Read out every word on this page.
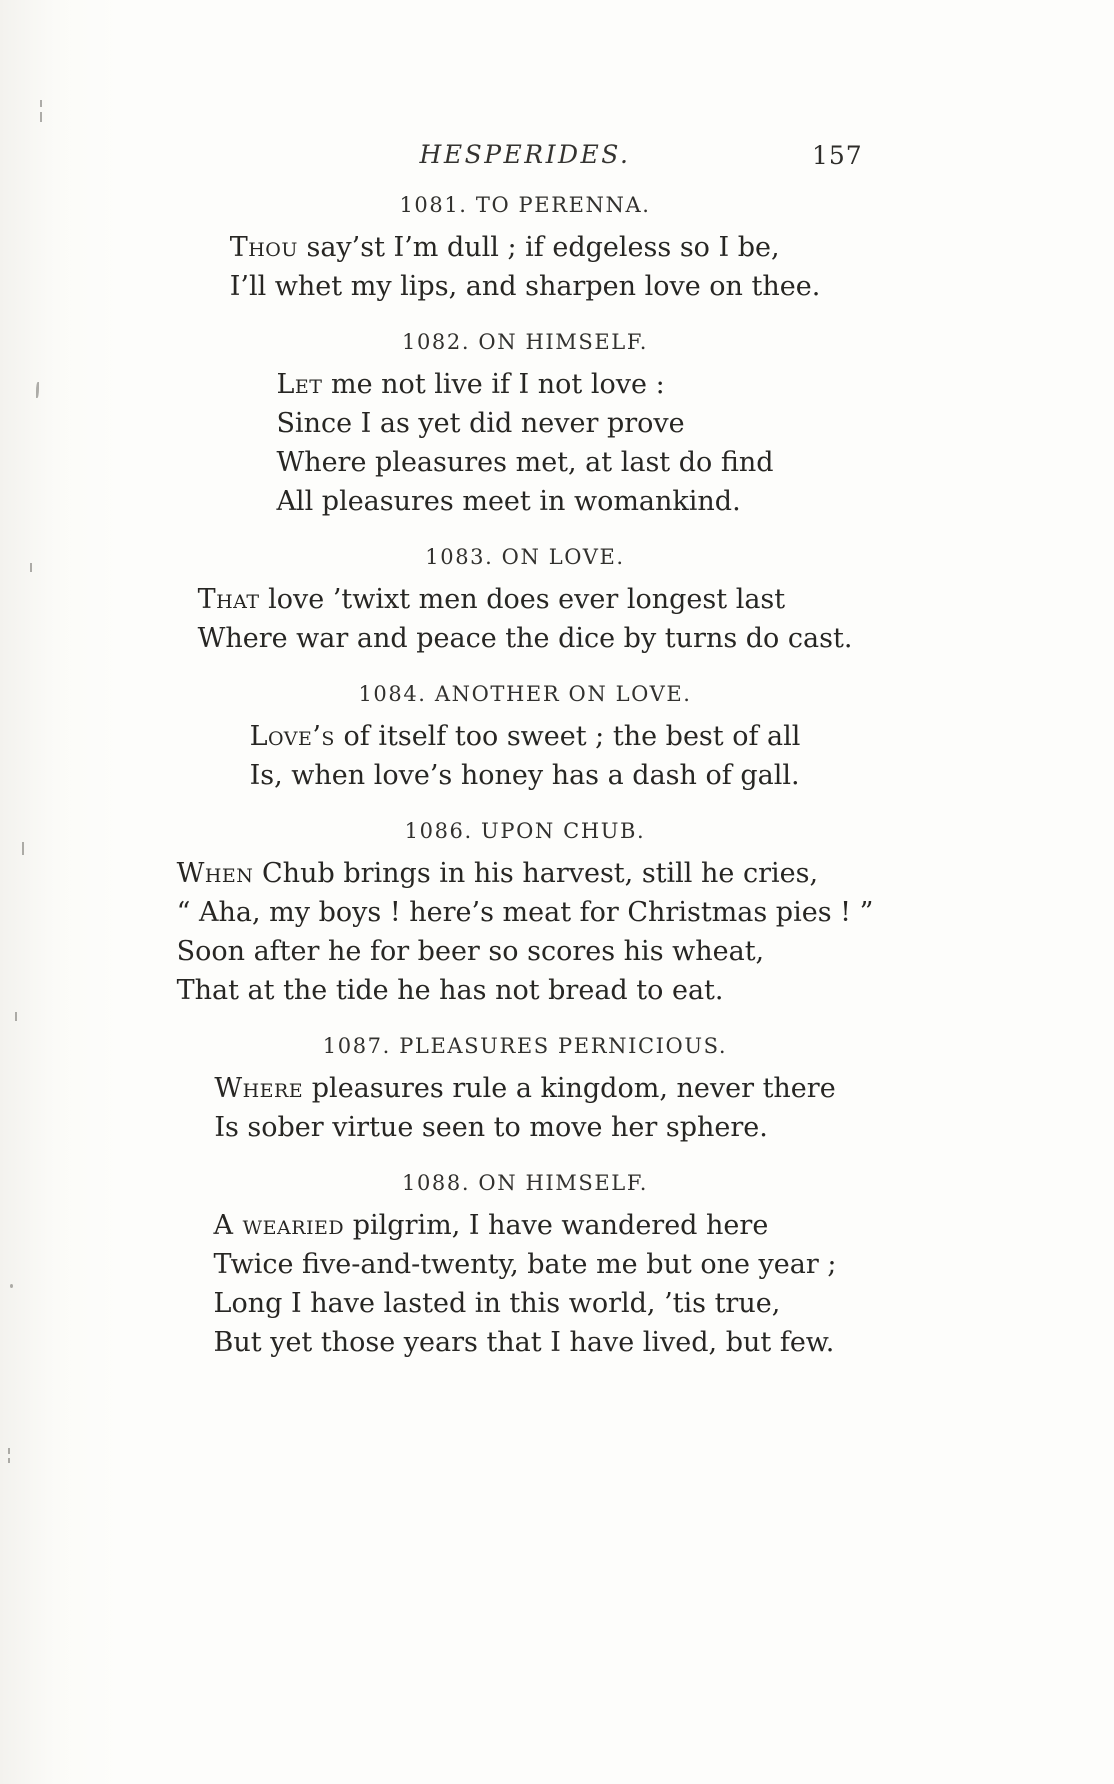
157
HESPERIDES.
1081. TO PERENNA.
Thou say’st I’m dull ; if edgeless so I be,
I’ll whet my lips, and sharpen love on thee.
1082. ON HIMSELF.
Let me not live if I not love :
Since I as yet did never prove
Where pleasures met, at last do find
All pleasures meet in womankind.
1083. ON LOVE.
That love ’twixt men does ever longest last
Where war and peace the dice by turns do cast.
1084. ANOTHER ON LOVE.
Love’s of itself too sweet ; the best of all
Is, when love’s honey has a dash of gall.
1086. UPON CHUB.
When Chub brings in his harvest, still he cries,
“ Aha, my boys ! here’s meat for Christmas pies ! ”
Soon after he for beer so scores his wheat,
That at the tide he has not bread to eat.
1087. PLEASURES PERNICIOUS.
Where pleasures rule a kingdom, never there
Is sober virtue seen to move her sphere.
1088. ON HIMSELF.
A wearied pilgrim, I have wandered here
Twice five-and-twenty, bate me but one year ;
Long I have lasted in this world, ’tis true,
But yet those years that I have lived, but few.
